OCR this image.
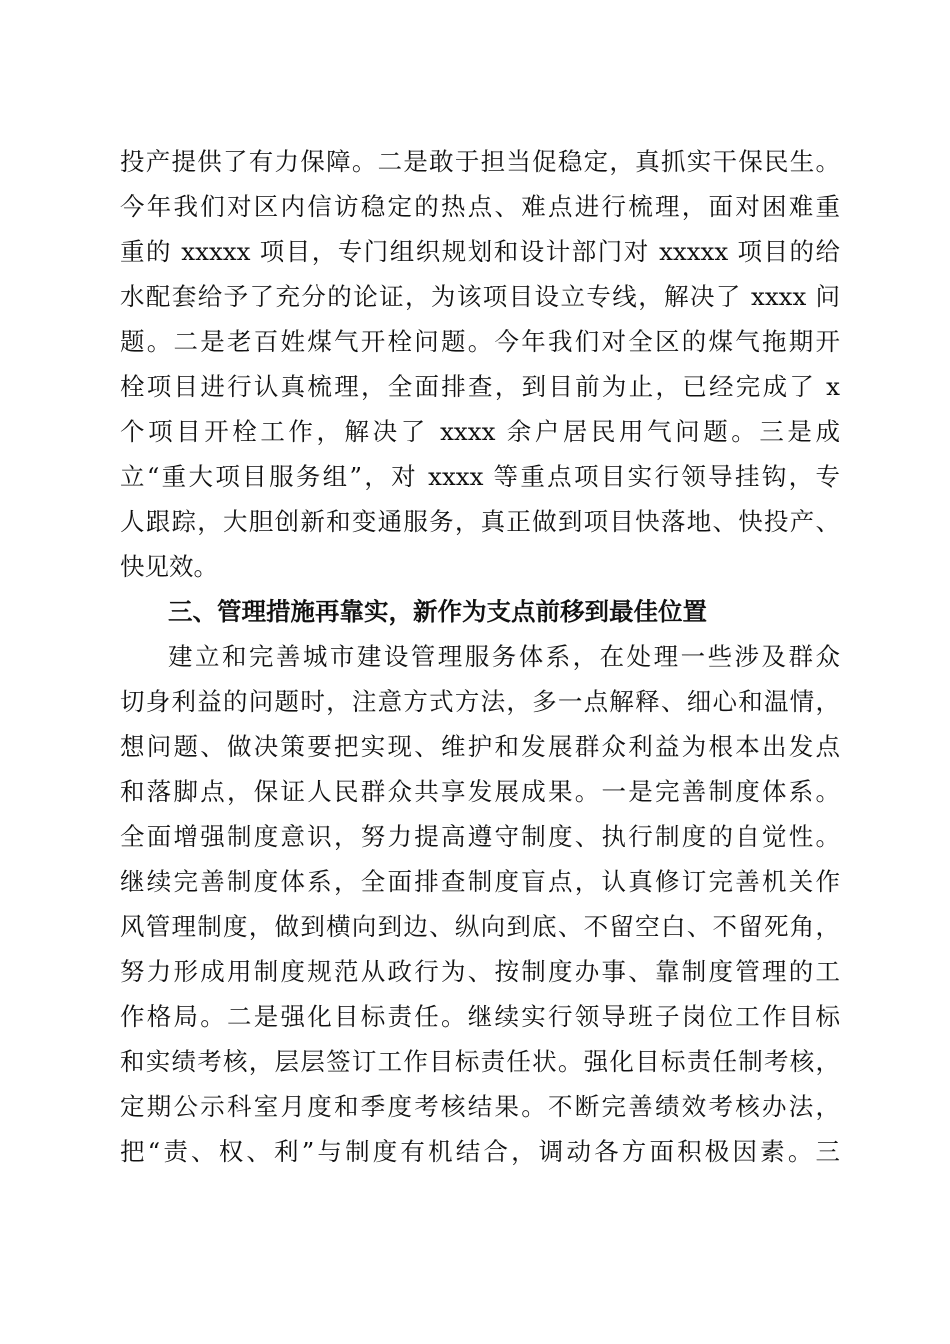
投产提供了有力保障。二是敢于担当促稳定，真抓实干保民生。
今年我们对区内信访稳定的热点、难点进行梳理，面对困难重
重的 xxxxx 项目，专门组织规划和设计部门对 xxxxx 项目的给
水配套给予了充分的论证，为该项目设立专线，解决了 xxxx 问
题。二是老百姓煤气开栓问题。今年我们对全区的煤气拖期开
栓项目进行认真梳理，全面排查，到目前为止，已经完成了 x
个项目开栓工作，解决了 xxxx 余户居民用气问题。三是成
立“重大项目服务组”，对 xxxx 等重点项目实行领导挂钩，专
人跟踪，大胆创新和变通服务，真正做到项目快落地、快投产、
快见效。
三、管理措施再靠实，新作为支点前移到最佳位置
建立和完善城市建设管理服务体系，在处理一些涉及群众
切身利益的问题时，注意方式方法，多一点解释、细心和温情，
想问题、做决策要把实现、维护和发展群众利益为根本出发点
和落脚点，保证人民群众共享发展成果。一是完善制度体系。
全面增强制度意识，努力提高遵守制度、执行制度的自觉性。
继续完善制度体系，全面排查制度盲点，认真修订完善机关作
风管理制度，做到横向到边、纵向到底、不留空白、不留死角，
努力形成用制度规范从政行为、按制度办事、靠制度管理的工
作格局。二是强化目标责任。继续实行领导班子岗位工作目标
和实绩考核，层层签订工作目标责任状。强化目标责任制考核，
定期公示科室月度和季度考核结果。不断完善绩效考核办法，
把“责、权、利”与制度有机结合，调动各方面积极因素。三
